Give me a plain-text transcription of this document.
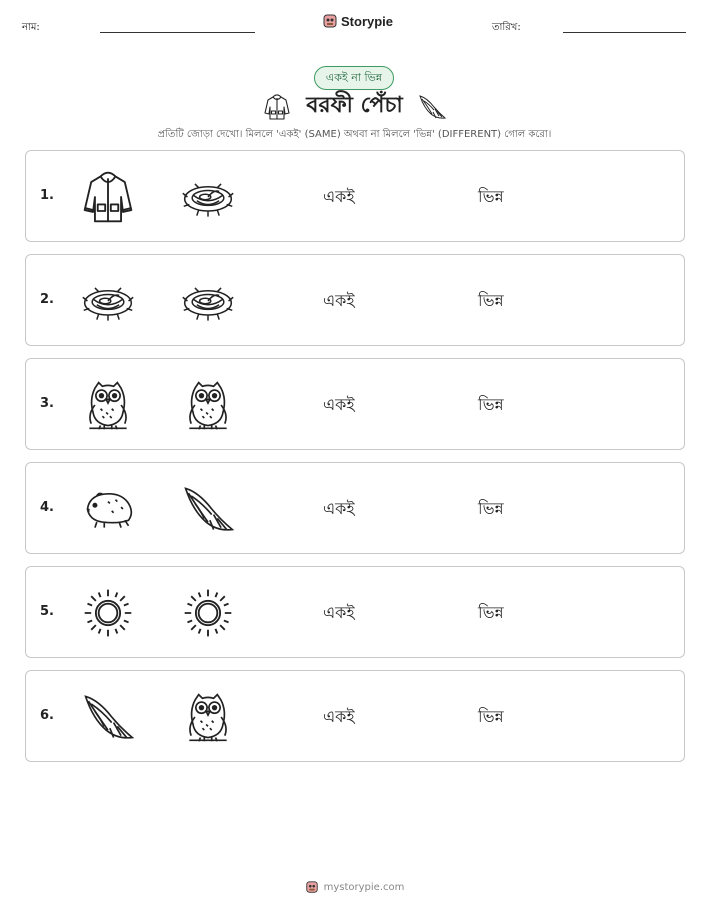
নাম:	Storypie	তারিখ:
একই না ভিন্ন
বরফী পেঁচা
প্রতিটি জোড়া দেখো। মিললে 'একই' (SAME) অথবা না মিললে 'ভিন্ন' (DIFFERENT) গোল করো।
1.	একই	ভিন্ন
2.	একই	ভিন্ন
3.	একই	ভিন্ন
4.	একই	ভিন্ন
5.	একই	ভিন্ন
6.	একই	ভিন্ন
mystorypie.com
